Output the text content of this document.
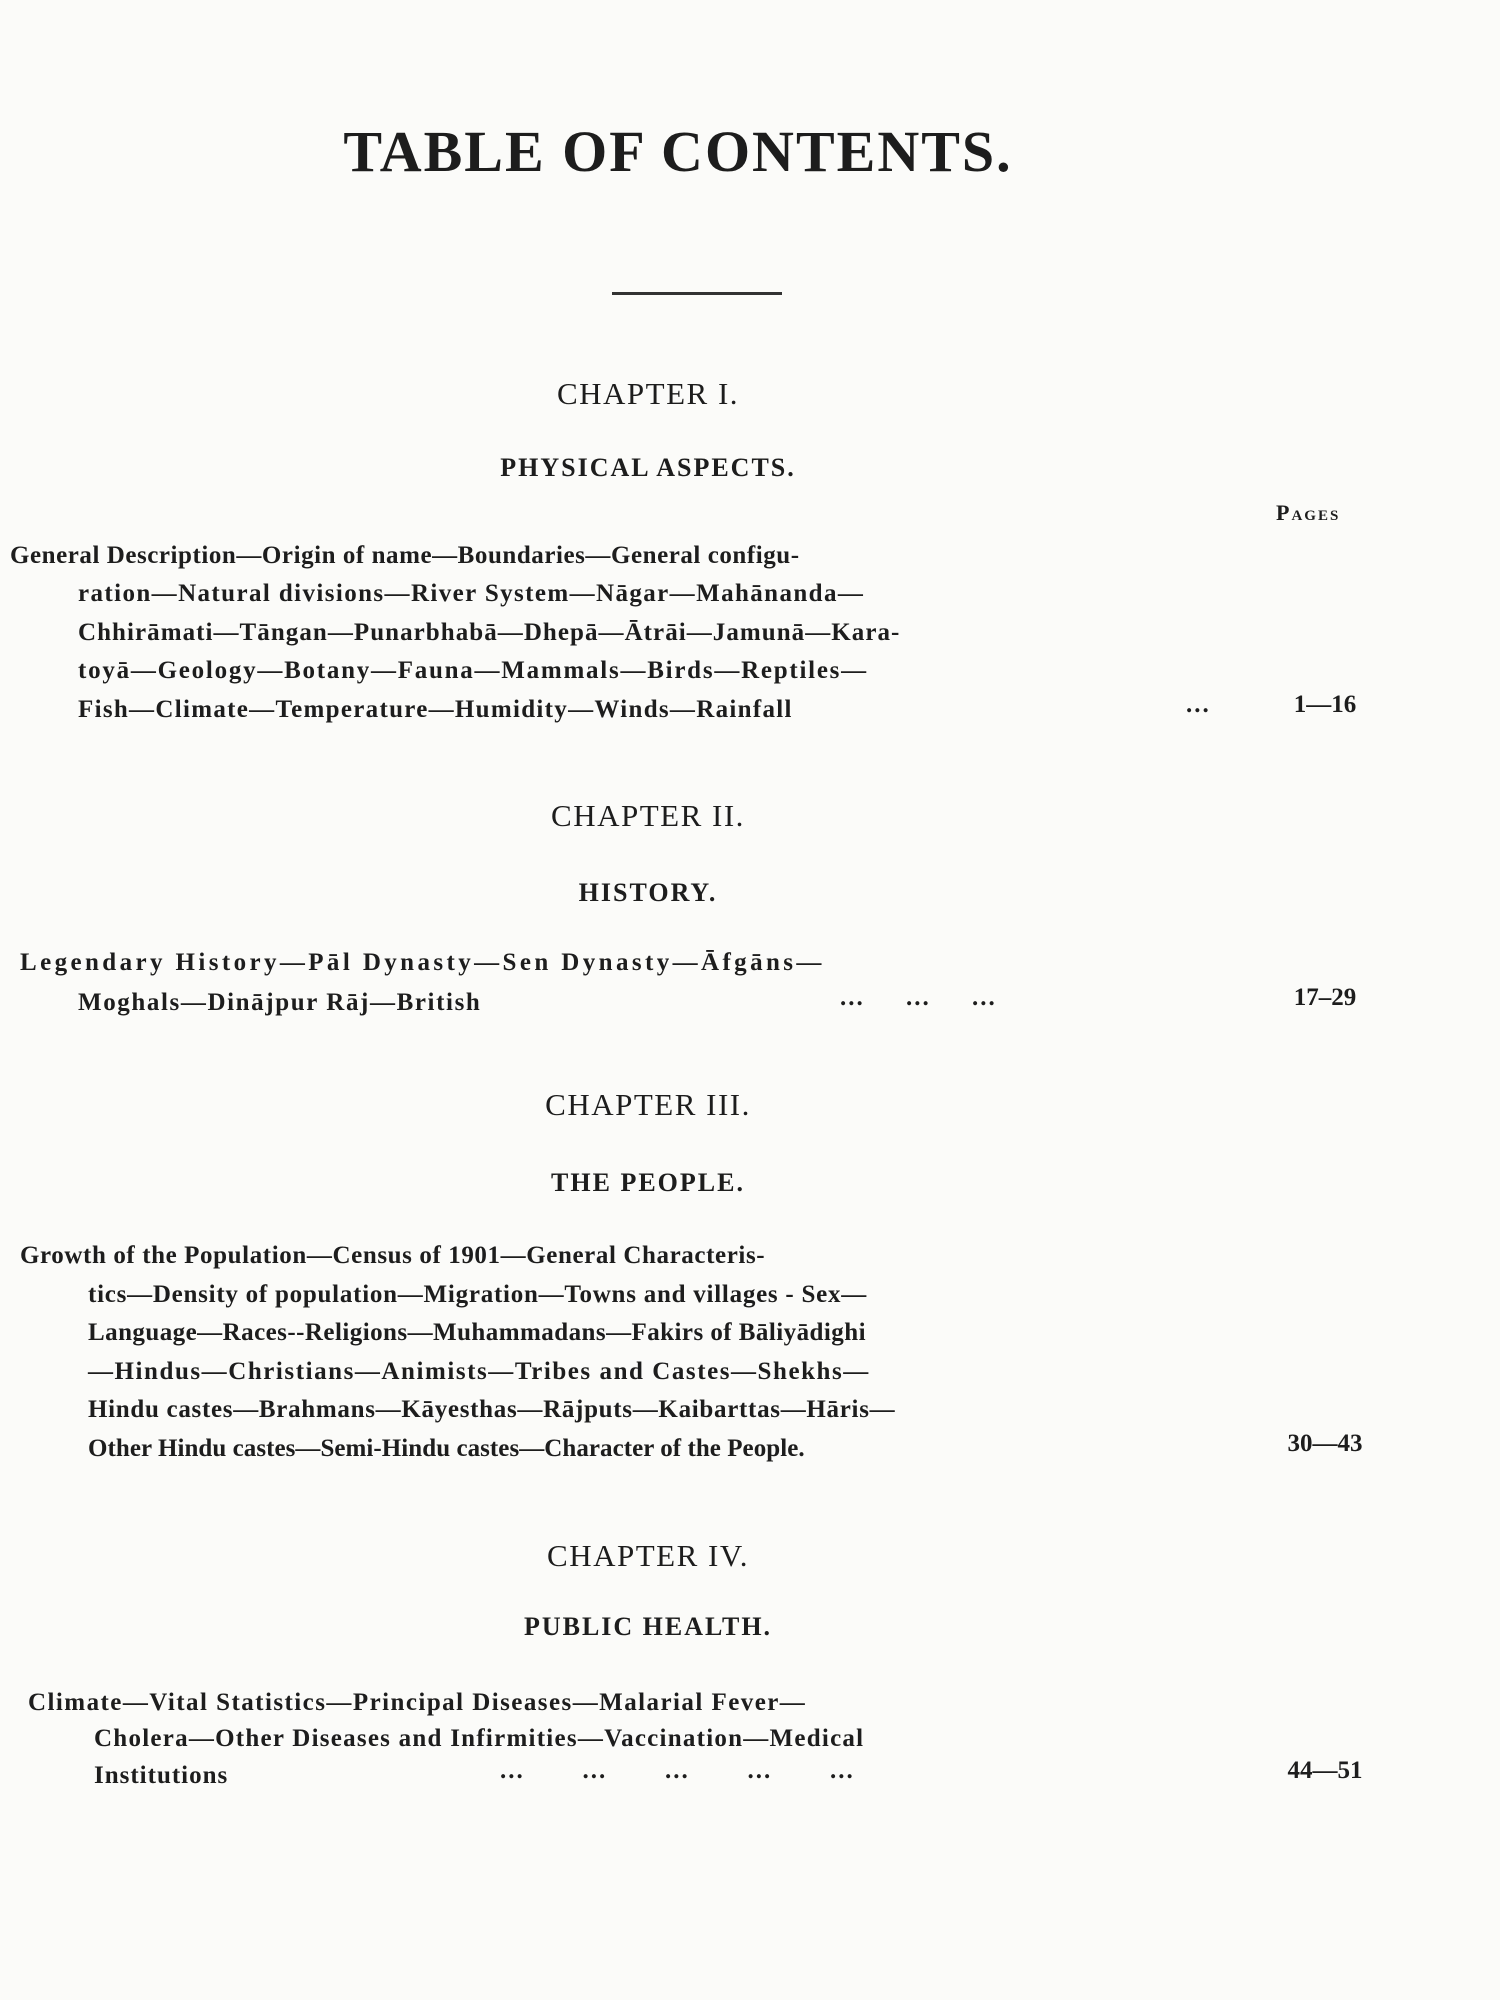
TABLE OF CONTENTS.
CHAPTER I.
PHYSICAL ASPECTS.
Pages
General Description—Origin of name—Boundaries—General configu-
ration—Natural divisions—River System—Nāgar—Mahānanda—
Chhirāmati—Tāngan—Punarbhabā—Dhepā—Ātrāi—Jamunā—Kara-
toyā—Geology—Botany—Fauna—Mammals—Birds—Reptiles—
Fish—Climate—Temperature—Humidity—Winds—Rainfall	...	1—16
CHAPTER II.
HISTORY.
Legendary History—Pāl Dynasty—Sen Dynasty—Āfgāns—
Moghals—Dinājpur Rāj—British	...     ...     ...	17–29
CHAPTER III.
THE PEOPLE.
Growth of the Population—Census of 1901—General Characteris-
tics—Density of population—Migration—Towns and villages - Sex—
Language—Races--Religions—Muhammadans—Fakirs of Bāliyādighi
—Hindus—Christians—Animists—Tribes and Castes—Shekhs—
Hindu castes—Brahmans—Kāyesthas—Rājputs—Kaibarttas—Hāris—
Other Hindu castes—Semi-Hindu castes—Character of the People.	30—43
CHAPTER IV.
PUBLIC HEALTH.
Climate—Vital Statistics—Principal Diseases—Malarial Fever—
Cholera—Other Diseases and Infirmities—Vaccination—Medical
Institutions	...       ...       ...       ...       ...	44—51
